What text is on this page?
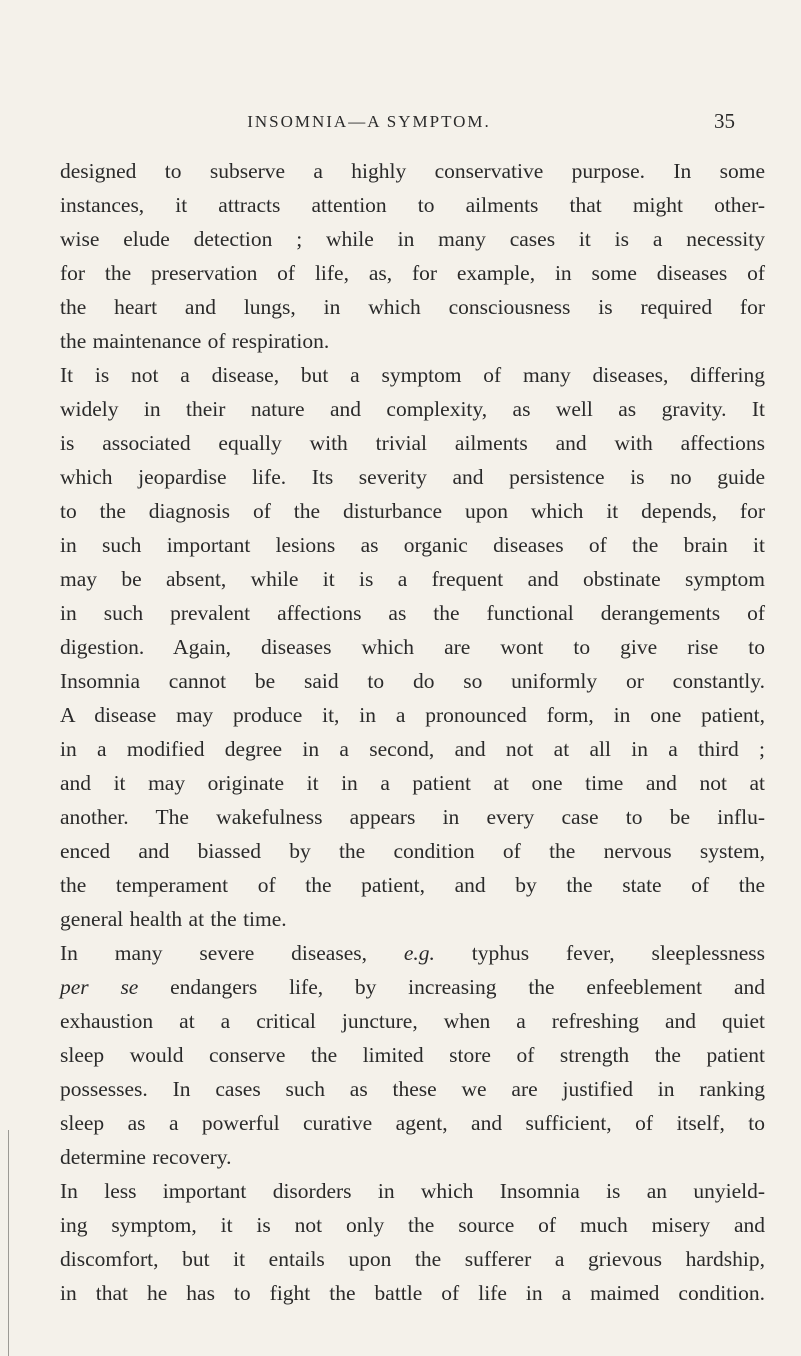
INSOMNIA—A SYMPTOM.	35
designed to subserve a highly conservative purpose. In some
instances, it attracts attention to ailments that might other-
wise elude detection ; while in many cases it is a necessity
for the preservation of life, as, for example, in some diseases of
the heart and lungs, in which consciousness is required for
the maintenance of respiration.
It is not a disease, but a symptom of many diseases, differing
widely in their nature and complexity, as well as gravity. It
is associated equally with trivial ailments and with affections
which jeopardise life. Its severity and persistence is no guide
to the diagnosis of the disturbance upon which it depends, for
in such important lesions as organic diseases of the brain it
may be absent, while it is a frequent and obstinate symptom
in such prevalent affections as the functional derangements of
digestion. Again, diseases which are wont to give rise to
Insomnia cannot be said to do so uniformly or constantly.
A disease may produce it, in a pronounced form, in one patient,
in a modified degree in a second, and not at all in a third ;
and it may originate it in a patient at one time and not at
another. The wakefulness appears in every case to be influ-
enced and biassed by the condition of the nervous system,
the temperament of the patient, and by the state of the
general health at the time.
In many severe diseases, e.g. typhus fever, sleeplessness
per se endangers life, by increasing the enfeeblement and
exhaustion at a critical juncture, when a refreshing and quiet
sleep would conserve the limited store of strength the patient
possesses. In cases such as these we are justified in ranking
sleep as a powerful curative agent, and sufficient, of itself, to
determine recovery.
In less important disorders in which Insomnia is an unyield-
ing symptom, it is not only the source of much misery and
discomfort, but it entails upon the sufferer a grievous hardship,
in that he has to fight the battle of life in a maimed condition.
